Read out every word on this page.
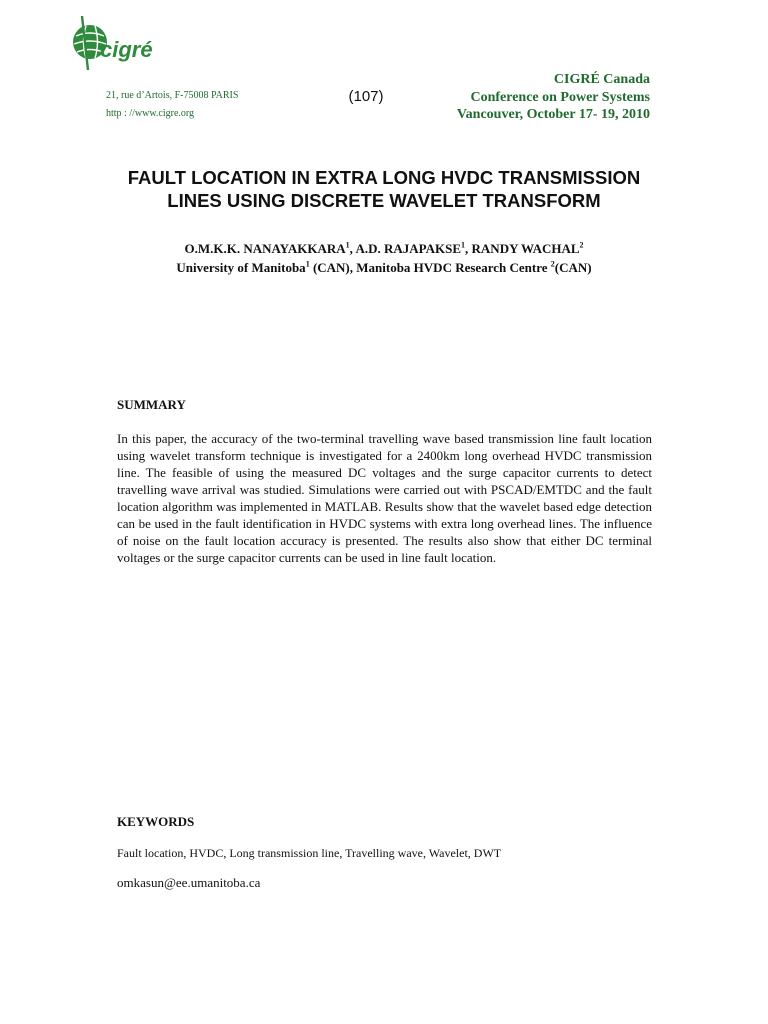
cigré
21, rue d’Artois, F-75008 PARIS
http : //www.cigre.org
(107)
CIGRÉ Canada
Conference on Power Systems
Vancouver, October 17- 19, 2010
FAULT LOCATION IN EXTRA LONG HVDC TRANSMISSION
LINES USING DISCRETE WAVELET TRANSFORM
O.M.K.K. NANAYAKKARA$^1$, A.D. RAJAPAKSE$^1$, RANDY WACHAL$^2$
University of Manitoba$^1$ (CAN), Manitoba HVDC Research Centre $^2$(CAN)
SUMMARY
In this paper, the accuracy of the two-terminal travelling wave based transmission line fault location using wavelet transform technique is investigated for a 2400km long overhead HVDC transmission line. The feasible of using the measured DC voltages and the surge capacitor currents to detect travelling wave arrival was studied. Simulations were carried out with PSCAD/EMTDC and the fault location algorithm was implemented in MATLAB. Results show that the wavelet based edge detection can be used in the fault identification in HVDC systems with extra long overhead lines. The influence of noise on the fault location accuracy is presented. The results also show that either DC terminal voltages or the surge capacitor currents can be used in line fault location.
KEYWORDS
Fault location, HVDC, Long transmission line, Travelling wave, Wavelet, DWT
omkasun@ee.umanitoba.ca
